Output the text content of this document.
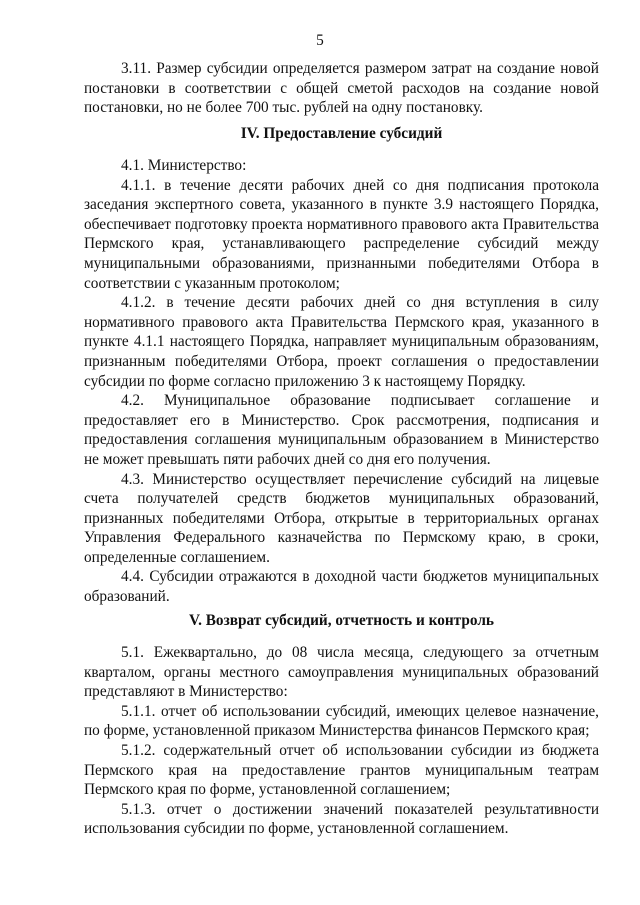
5

3.11. Размер субсидии определяется размером затрат на создание новой постановки в соответствии с общей сметой расходов на создание новой постановки, но не более 700 тыс. рублей на одну постановку.

IV. Предоставление субсидий

4.1. Министерство:

4.1.1. в течение десяти рабочих дней со дня подписания протокола заседания экспертного совета, указанного в пункте 3.9 настоящего Порядка, обеспечивает подготовку проекта нормативного правового акта Правительства Пермского края, устанавливающего распределение субсидий между муниципальными образованиями, признанными победителями Отбора в соответствии с указанным протоколом;

4.1.2. в течение десяти рабочих дней со дня вступления в силу нормативного правового акта Правительства Пермского края, указанного в пункте 4.1.1 настоящего Порядка, направляет муниципальным образованиям, признанным победителями Отбора, проект соглашения о предоставлении субсидии по форме согласно приложению 3 к настоящему Порядку.

4.2. Муниципальное образование подписывает соглашение и предоставляет его в Министерство. Срок рассмотрения, подписания и предоставления соглашения муниципальным образованием в Министерство не может превышать пяти рабочих дней со дня его получения.

4.3. Министерство осуществляет перечисление субсидий на лицевые счета получателей средств бюджетов муниципальных образований, признанных победителями Отбора, открытые в территориальных органах Управления Федерального казначейства по Пермскому краю, в сроки, определенные соглашением.

4.4. Субсидии отражаются в доходной части бюджетов муниципальных образований.

V. Возврат субсидий, отчетность и контроль

5.1. Ежеквартально, до 08 числа месяца, следующего за отчетным кварталом, органы местного самоуправления муниципальных образований представляют в Министерство:

5.1.1. отчет об использовании субсидий, имеющих целевое назначение, по форме, установленной приказом Министерства финансов Пермского края;

5.1.2. содержательный отчет об использовании субсидии из бюджета Пермского края на предоставление грантов муниципальным театрам Пермского края по форме, установленной соглашением;

5.1.3. отчет о достижении значений показателей результативности использования субсидии по форме, установленной соглашением.
